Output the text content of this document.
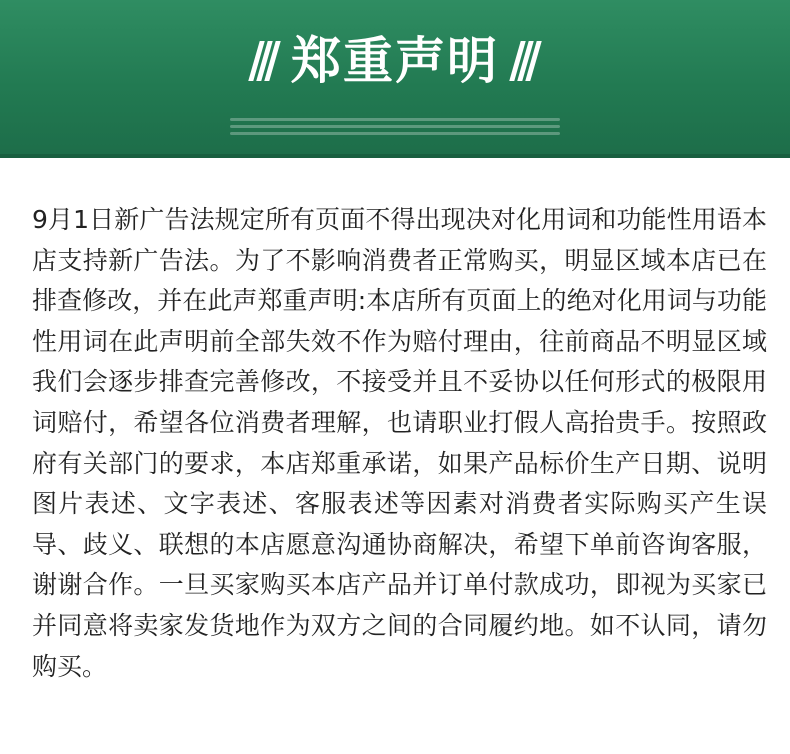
郑重声明

9月1日新广告法规定所有页面不得出现决对化用词和功能性用语本店支持新广告法。为了不影响消费者正常购买，明显区域本店已在排查修改，并在此声郑重声明:本店所有页面上的绝对化用词与功能性用词在此声明前全部失效不作为赔付理由，往前商品不明显区域我们会逐步排查完善修改，不接受并且不妥协以任何形式的极限用词赔付，希望各位消费者理解，也请职业打假人高抬贵手。按照政府有关部门的要求，本店郑重承诺，如果产品标价生产日期、说明图片表述、文字表述、客服表述等因素对消费者实际购买产生误导、歧义、联想的本店愿意沟通协商解决，希望下单前咨询客服，谢谢合作。一旦买家购买本店产品并订单付款成功，即视为买家已并同意将卖家发货地作为双方之间的合同履约地。如不认同，请勿购买。
